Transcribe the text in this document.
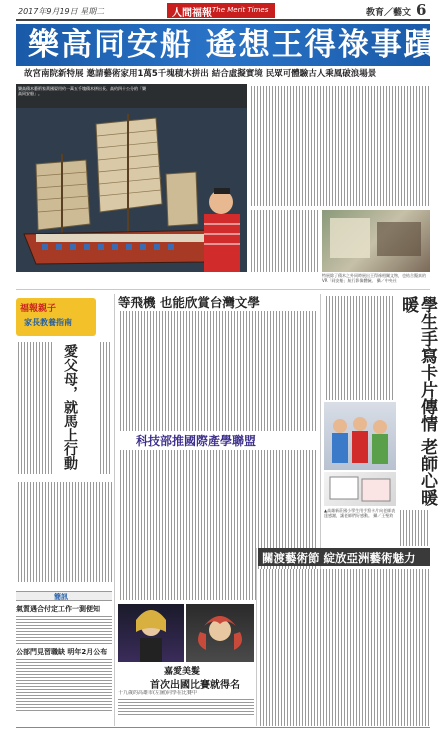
2017年9月19日 星期二	人間福報 The Merit Times	教育／藝文 6
樂高同安船 遙想王得祿事蹟
故宮南院新特展 邀請藝術家用1萬5千塊積木拼出 結合虛擬實境 民眾可體驗古人乘風破浪場景
樂高積木藝術家黃國晏用約一萬五千塊積木拼出長、高約四十公分的「樂高同安船」。
特展除了積木之外同時展出王得祿相關文物，也結合擬真的VR「同安船」航行影像體驗。 攝／中央社
福報親子
家長教養指南
愛父母，就馬上行動
簡訊
氣質遇合付定工作一測便知
公部門見習職缺 明年2月公布
等飛機 也能欣賞台灣文學
科技部推國際產學聯盟	學生手寫卡片傳情 老師心暖暖
▲高雄新莊國小學生用手寫卡片向老師表達感謝，讓老師們好感動。 攝／王聖鈞
關渡藝術節 綻放亞洲藝術魅力
嘉愛美髮
首次出國比賽就得名
十九歲的高雄市(左圖)同學在比賽中
